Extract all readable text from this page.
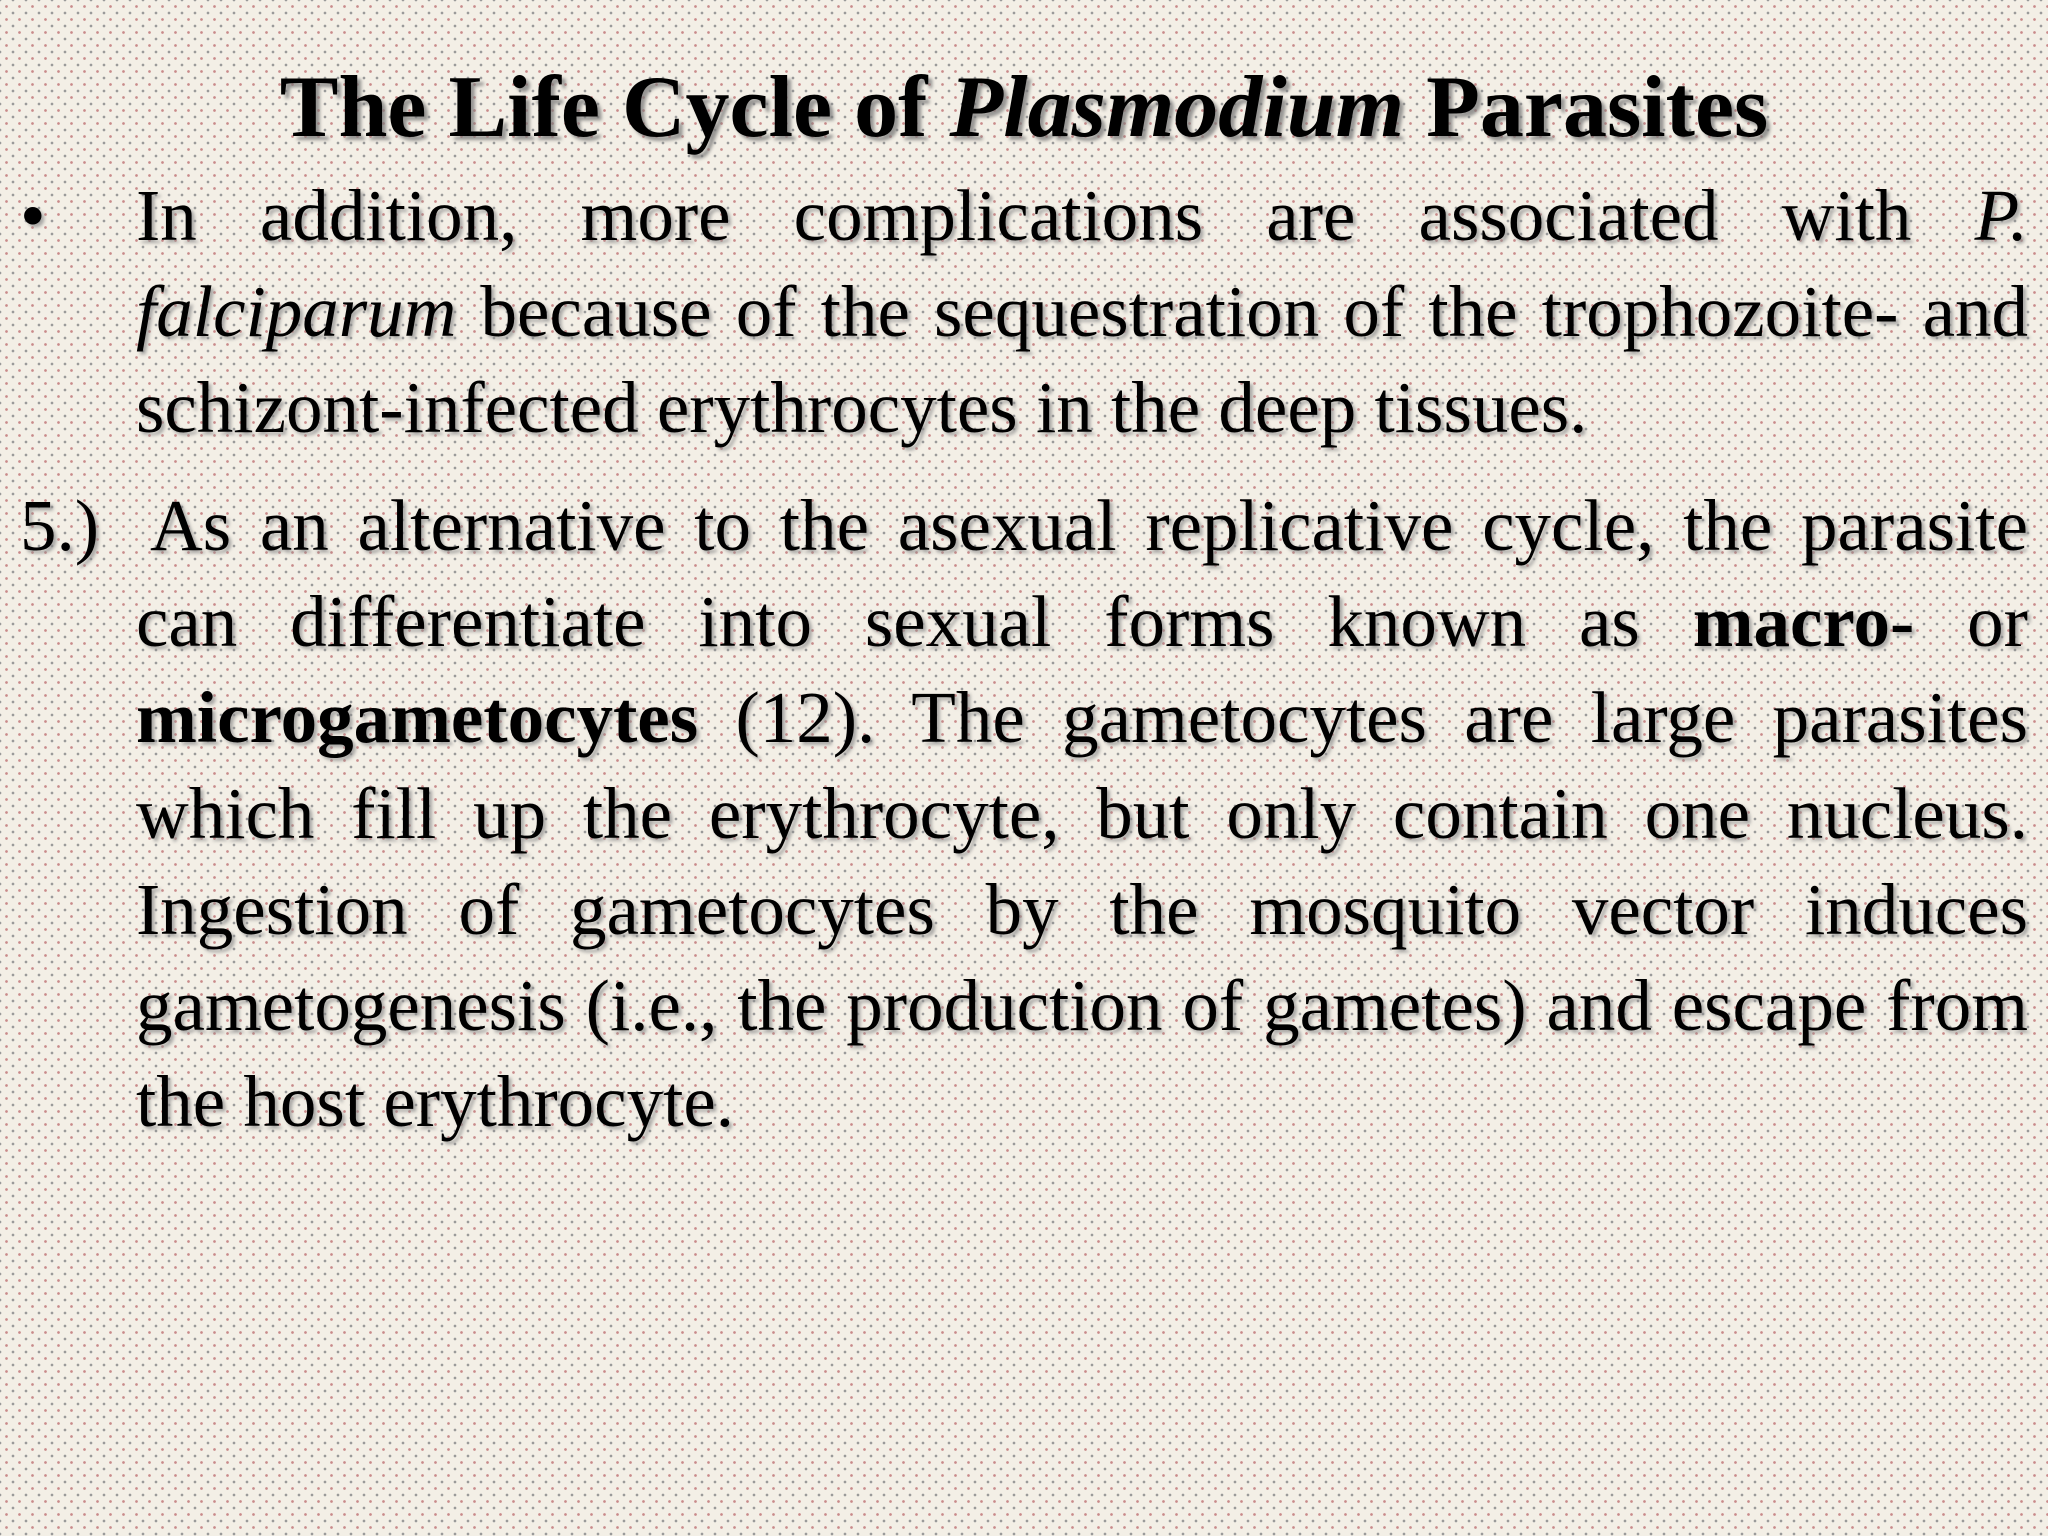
The Life Cycle of Plasmodium Parasites
• In addition, more complications are associated with P. falciparum because of the sequestration of the trophozoite- and schizont-infected erythrocytes in the deep tissues.

5.) As an alternative to the asexual replicative cycle, the parasite can differentiate into sexual forms known as macro- or microgametocytes (12). The gametocytes are large parasites which fill up the erythrocyte, but only contain one nucleus. Ingestion of gametocytes by the mosquito vector induces gametogenesis (i.e., the production of gametes) and escape from the host erythrocyte.
